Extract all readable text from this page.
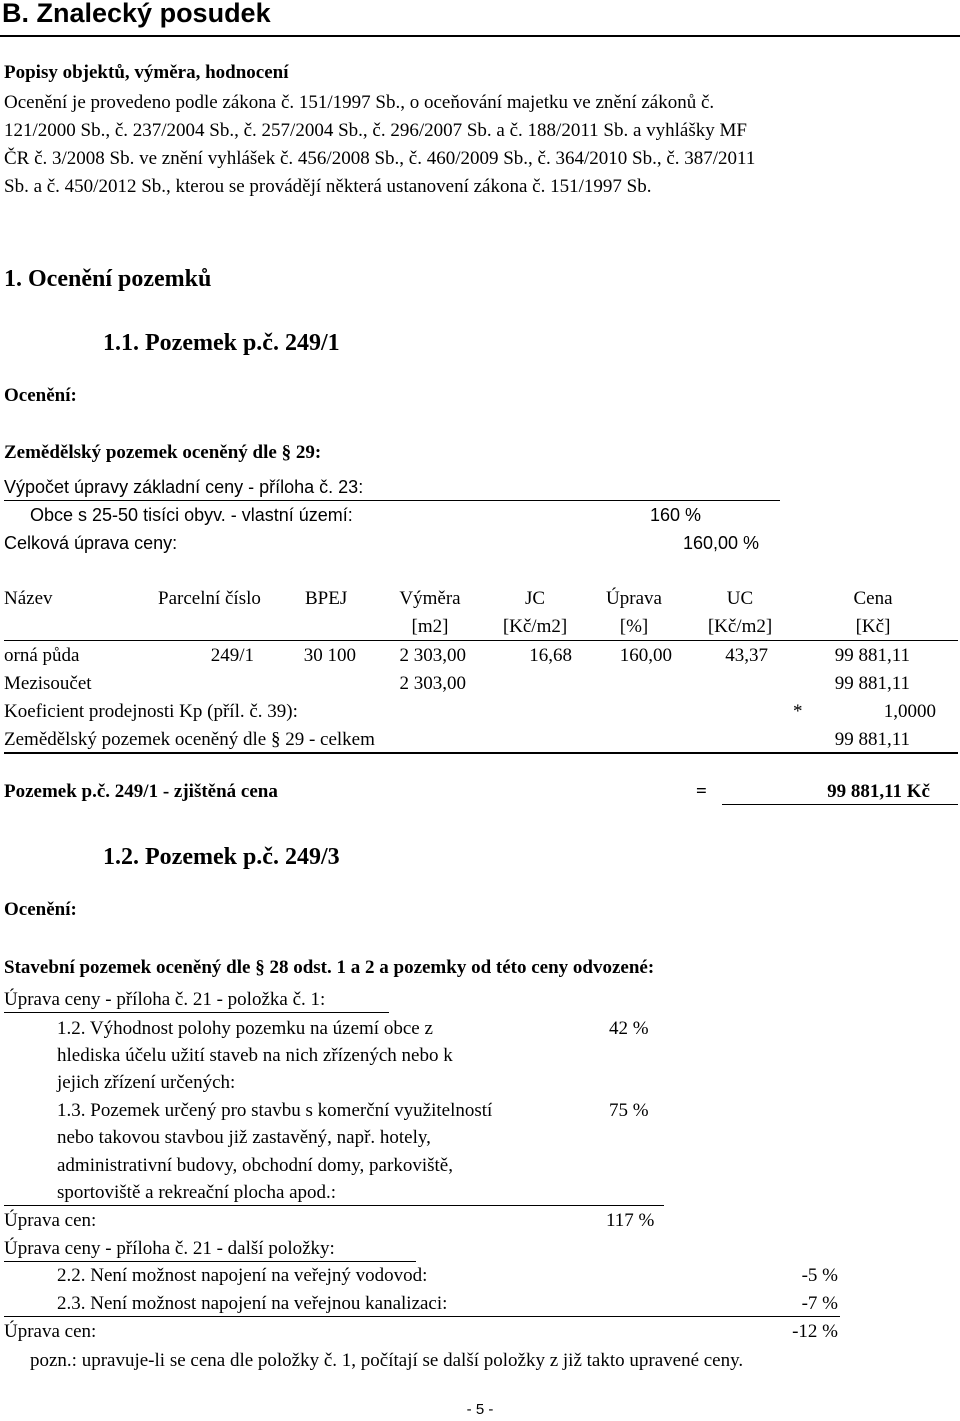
B. Znalecký posudek
Popisy objektů, výměra, hodnocení
Ocenění je provedeno podle zákona č. 151/1997 Sb., o oceňování majetku ve znění zákonů č.
121/2000 Sb., č. 237/2004 Sb., č. 257/2004 Sb., č. 296/2007 Sb. a č. 188/2011 Sb. a vyhlášky MF
ČR č. 3/2008 Sb. ve znění vyhlášek č. 456/2008 Sb., č. 460/2009 Sb., č. 364/2010 Sb., č. 387/2011
Sb. a č. 450/2012 Sb., kterou se provádějí některá ustanovení zákona č. 151/1997 Sb.
1. Ocenění pozemků
1.1. Pozemek p.č. 249/1
Ocenění:
Zemědělský pozemek oceněný dle § 29:
Výpočet úpravy základní ceny - příloha č. 23:
Obce s 25-50 tisíci obyv. - vlastní území:	160 %
Celková úprava ceny:	160,00 %
Název	Parcelní číslo BPEJ	Výměra	JC	Úprava	UC	Cena
[m2]	[Kč/m2]	[%]	[Kč/m2]	[Kč]
orná půda	249/1	30 100	2 303,00	16,68	160,00	43,37	99 881,11
Mezisoučet	2 303,00	99 881,11
Koeficient prodejnosti Kp (příl. č. 39):	*	1,0000
Zemědělský pozemek oceněný dle § 29 - celkem	99 881,11
Pozemek p.č. 249/1 - zjištěná cena	=	99 881,11 Kč
1.2. Pozemek p.č. 249/3
Ocenění:
Stavební pozemek oceněný dle § 28 odst. 1 a 2 a pozemky od této ceny odvozené:
Úprava ceny - příloha č. 21 - položka č. 1:
1.2. Výhodnost polohy pozemku na území obce z
hlediska účelu užití staveb na nich zřízených nebo k
jejich zřízení určených:
42 %
1.3. Pozemek určený pro stavbu s komerční využitelností
nebo takovou stavbou již zastavěný, např. hotely,
administrativní budovy, obchodní domy, parkoviště,
sportoviště a rekreační plocha apod.:
75 %
Úprava cen:	117 %
Úprava ceny - příloha č. 21 - další položky:
2.2. Není možnost napojení na veřejný vodovod:	-5 %
2.3. Není možnost napojení na veřejnou kanalizaci:	-7 %
Úprava cen:	-12 %
pozn.: upravuje-li se cena dle položky č. 1, počítají se další položky z již takto upravené ceny.
- 5 -
